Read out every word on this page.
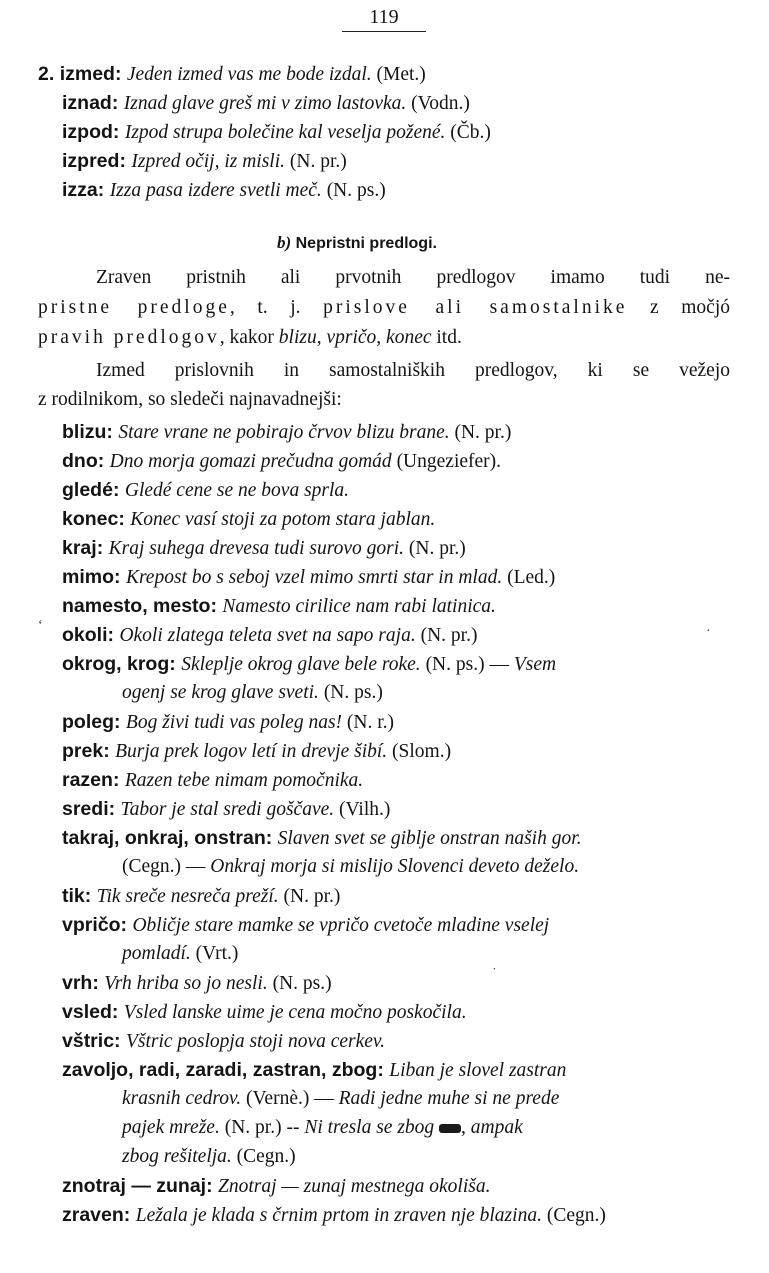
119
2. izmed: Jeden izmed vas me bode izdal. (Met.)
iznad: Iznad glave greš mi v zimo lastovka. (Vodn.)
izpod: Izpod strupa bolečine kal veselja požené. (Čb.)
izpred: Izpred očij, iz misli. (N. pr.)
izza: Izza pasa izdere svetli meč. (N. ps.)
b) Nepristni predlogi.
Zraven pristnih ali prvotnih predlogov imamo tudi ne-
pristne predloge, t. j. prislove ali samostalnike z močjó
pravih predlogov, kakor blizu, vpričo, konec itd.
Izmed prislovnih in samostalniških predlogov, ki se vežejo
z rodilnikom, so sledeči najnavadnejši:
blizu: Stare vrane ne pobirajo črvov blizu brane. (N. pr.)
dno: Dno morja gomazi prečudna gomád (Ungeziefer).
gledé: Gledé cene se ne bova sprla.
konec: Konec vasí stoji za potom stara jablan.
kraj: Kraj suhega drevesa tudi surovo gori. (N. pr.)
mimo: Krepost bo s seboj vzel mimo smrti star in mlad. (Led.)
namesto, mesto: Namesto cirilice nam rabi latinica.
‘ okoli: Okoli zlatega teleta svet na sapo raja. (N. pr.)	·
okrog, krog: Sklеplje okrog glave bele roke. (N. ps.) — Vsem
ogenj se krog glave sveti. (N. ps.)
poleg: Bog živi tudi vas poleg nas! (N. r.)
prek: Burja prek logov letí in drevje šibí. (Slom.)
razen: Razen tebe nimam pomočnika.
sredi: Tabor je stal sredi goščave. (Vilh.)
takraj, onkraj, onstran: Slaven svet se giblje onstran naših gor.
(Cegn.) — Onkraj morja si mislijo Slovenci deveto deželo.
tik: Tik sreče nesreča preží. (N. pr.)
vpričo: Obličje stare mamke se vpričo cvetoče mladine vselej
pomladí. (Vrt.)
vrh: Vrh hriba so jo nesli. (N. ps.)	˙
vsled: Vsled lanske uime je cena močno poskočila.
vštric: Vštric poslopja stoji nova cerkev.
zavoljo, radi, zaradi, zastran, zbog: Liban je slovel zastran
krasnih cedrov. (Vernè.) — Radi jedne muhe si ne prede
pajek mreže. (N. pr.) -- Ni tresla se zbog , ampak
zbog rešitelja. (Cegn.)
znotraj — zunaj: Znotraj — zunaj mestnega okoliša.
zraven: Ležala je klada s črnim prtom in zraven nje blazina. (Cegn.)
